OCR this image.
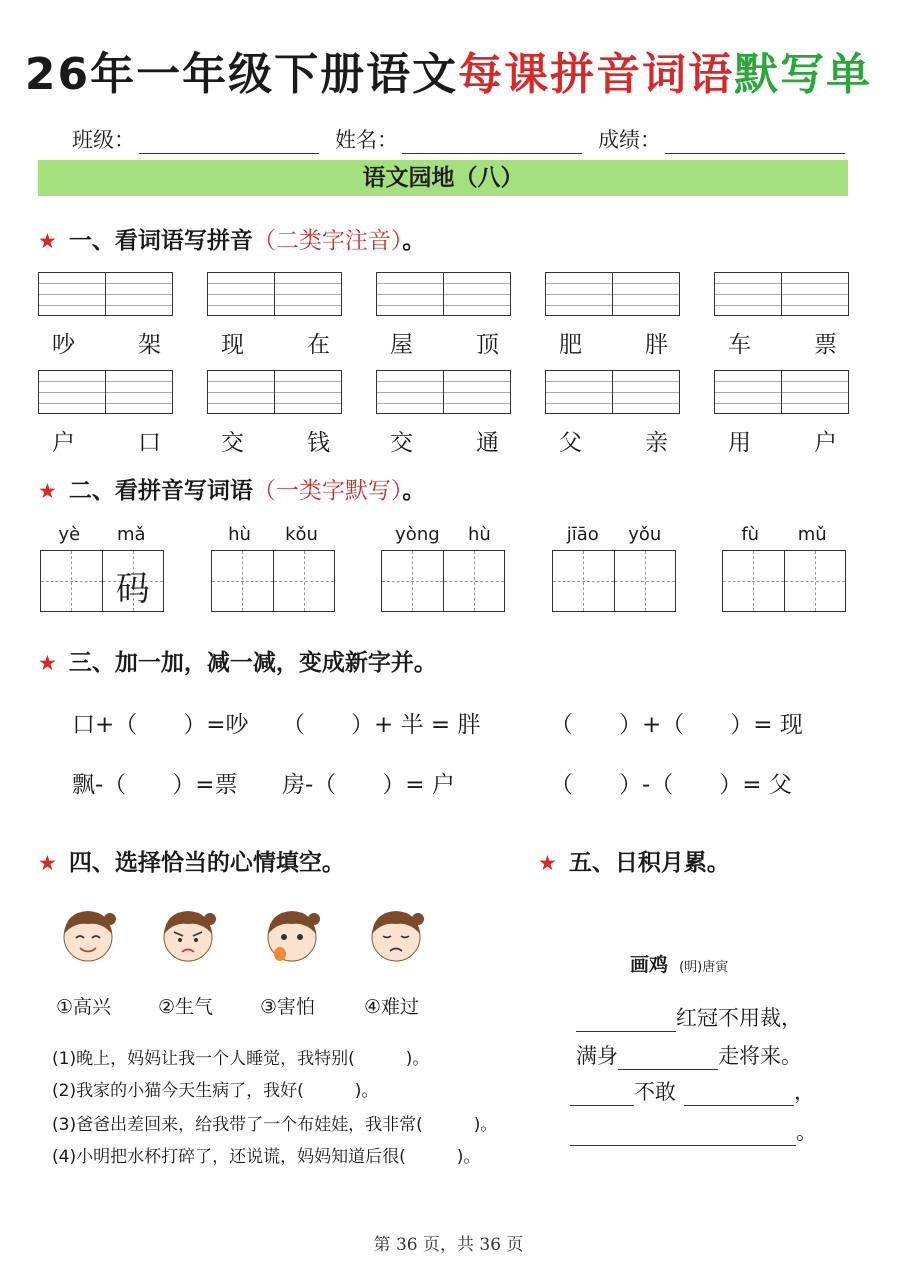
26年一年级下册语文每课拼音词语默写单
班级：	姓名：	成绩：
语文园地（八）
★ 一、看词语写拼音（二类字注音）。
吵	架	现	在	屋	顶	肥	胖	车	票
户	口	交	钱	交	通	父	亲	用	户
★ 二、看拼音写词语（一类字默写）。
yè mǎ
码
hù kǒu	yòng hù	jīāo yǒu	fù mǔ
★ 三、加一加，减一减，变成新字并。
口+（　　）=吵 （　　）+ 半 = 胖	（　　）+（　　）= 现
飘-（　　）=票 房-（　　）= 户	（　　）-（　　）= 父
★ 四、选择恰当的心情填空。
①高兴 ②生气 ③害怕	④难过
(1)晚上，妈妈让我一个人睡觉，我特别(　　　)。
(2)我家的小猫今天生病了，我好(　　　)。
(3)爸爸出差回来，给我带了一个布娃娃，我非常(　　　)。
(4)小明把水杯打碎了，还说谎，妈妈知道后很(　　　)。
★ 五、日积月累。
画鸡 (明)唐寅
红冠不用裁，
满身	走将来。
不敢	，
。
第 36 页，共 36 页
